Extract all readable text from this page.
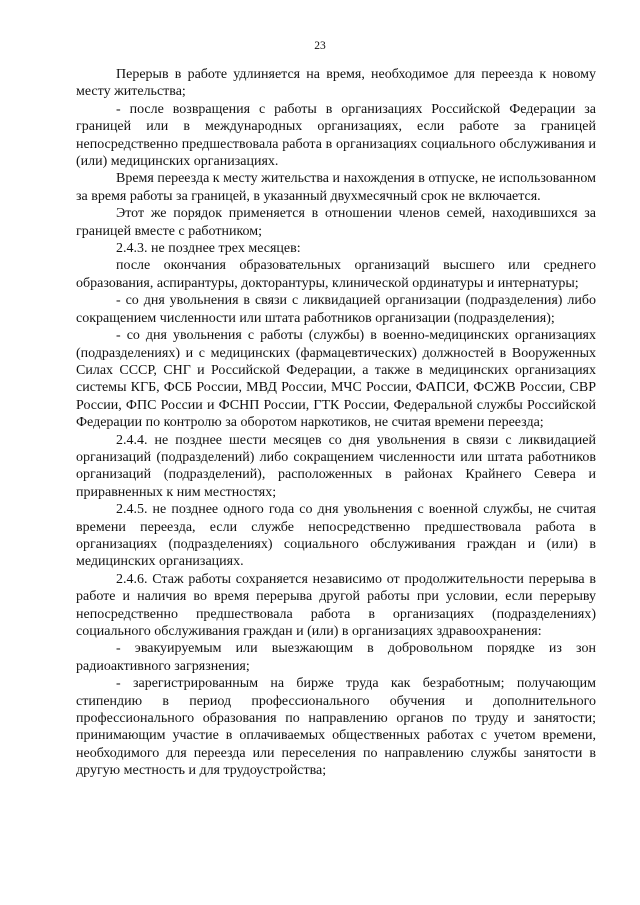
23

Перерыв в работе удлиняется на время, необходимое для переезда к новому месту жительства;

- после возвращения с работы в организациях Российской Федерации за границей или в международных организациях, если работе за границей непосредственно предшествовала работа в организациях социального обслуживания и (или) медицинских организациях.

Время переезда к месту жительства и нахождения в отпуске, не использованном за время работы за границей, в указанный двухмесячный срок не включается.

Этот же порядок применяется в отношении членов семей, находившихся за границей вместе с работником;

2.4.3. не позднее трех месяцев:

после окончания образовательных организаций высшего или среднего образования, аспирантуры, докторантуры, клинической ординатуры и интернатуры;

- со дня увольнения в связи с ликвидацией организации (подразделения) либо сокращением численности или штата работников организации (подразделения);

- со дня увольнения с работы (службы) в военно-медицинских организациях (подразделениях) и с медицинских (фармацевтических) должностей в Вооруженных Силах СССР, СНГ и Российской Федерации, а также в медицинских организациях системы КГБ, ФСБ России, МВД России, МЧС России, ФАПСИ, ФСЖВ России, СВР России, ФПС России и ФСНП России, ГТК России, Федеральной службы Российской Федерации по контролю за оборотом наркотиков, не считая времени переезда;

2.4.4. не позднее шести месяцев со дня увольнения в связи с ликвидацией организаций (подразделений) либо сокращением численности или штата работников организаций (подразделений), расположенных в районах Крайнего Севера и приравненных к ним местностях;

2.4.5. не позднее одного года со дня увольнения с военной службы, не считая времени переезда, если службе непосредственно предшествовала работа в организациях (подразделениях) социального обслуживания граждан и (или) в медицинских организациях.

2.4.6. Стаж работы сохраняется независимо от продолжительности перерыва в работе и наличия во время перерыва другой работы при условии, если перерыву непосредственно предшествовала работа в организациях (подразделениях) социального обслуживания граждан и (или) в организациях здравоохранения:

- эвакуируемым или выезжающим в добровольном порядке из зон радиоактивного загрязнения;

- зарегистрированным на бирже труда как безработным; получающим стипендию в период профессионального обучения и дополнительного профессионального образования по направлению органов по труду и занятости; принимающим участие в оплачиваемых общественных работах с учетом времени, необходимого для переезда или переселения по направлению службы занятости в другую местность и для трудоустройства;
